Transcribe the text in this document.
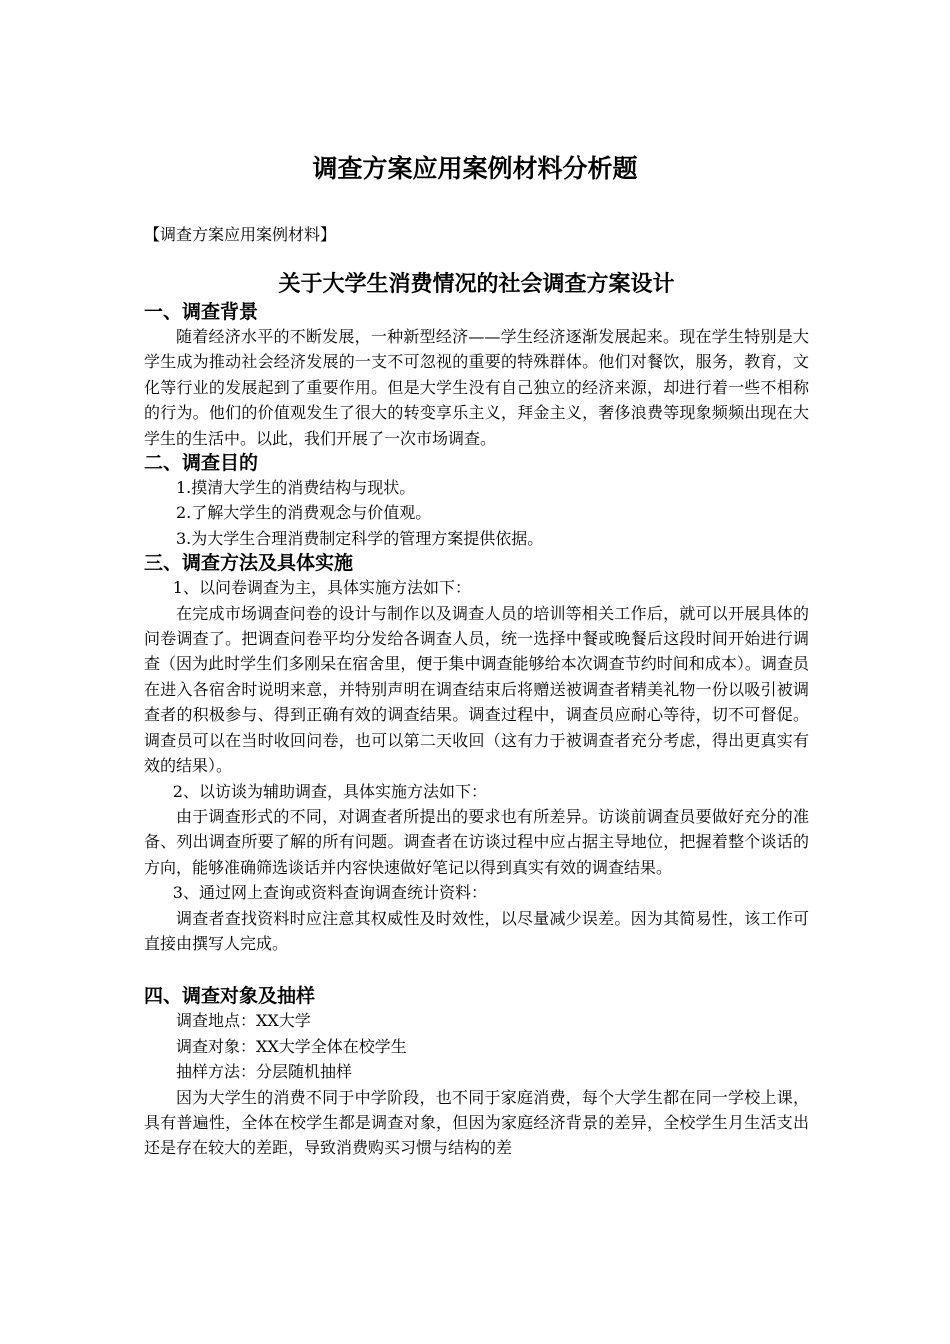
调查方案应用案例材料分析题
【调查方案应用案例材料】
关于大学生消费情况的社会调查方案设计
一、调查背景

随着经济水平的不断发展，一种新型经济——学生经济逐渐发展起来。现在学生特别是大学生成为推动社会经济发展的一支不可忽视的重要的特殊群体。他们对餐饮，服务，教育，文化等行业的发展起到了重要作用。但是大学生没有自己独立的经济来源，却进行着一些不相称的行为。他们的价值观发生了很大的转变享乐主义，拜金主义，奢侈浪费等现象频频出现在大学生的生活中。以此，我们开展了一次市场调查。

二、调查目的

1.摸清大学生的消费结构与现状。

2.了解大学生的消费观念与价值观。

3.为大学生合理消费制定科学的管理方案提供依据。

三、调查方法及具体实施

1、以问卷调查为主，具体实施方法如下：

在完成市场调查问卷的设计与制作以及调查人员的培训等相关工作后，就可以开展具体的问卷调查了。把调查问卷平均分发给各调查人员，统一选择中餐或晚餐后这段时间开始进行调查（因为此时学生们多刚呆在宿舍里，便于集中调查能够给本次调查节约时间和成本）。调查员在进入各宿舍时说明来意，并特别声明在调查结束后将赠送被调查者精美礼物一份以吸引被调查者的积极参与、得到正确有效的调查结果。调查过程中，调查员应耐心等待，切不可督促。调查员可以在当时收回问卷，也可以第二天收回（这有力于被调查者充分考虑，得出更真实有效的结果）。

2、以访谈为辅助调查，具体实施方法如下：

由于调查形式的不同，对调查者所提出的要求也有所差异。访谈前调查员要做好充分的准备、列出调查所要了解的所有问题。调查者在访谈过程中应占据主导地位，把握着整个谈话的方向，能够准确筛选谈话并内容快速做好笔记以得到真实有效的调查结果。

3、通过网上查询或资料查询调查统计资料：

调查者查找资料时应注意其权威性及时效性，以尽量减少误差。因为其简易性，该工作可直接由撰写人完成。

四、调查对象及抽样

调查地点：XX大学

调查对象：XX大学全体在校学生

抽样方法：分层随机抽样

因为大学生的消费不同于中学阶段，也不同于家庭消费，每个大学生都在同一学校上课，具有普遍性，全体在校学生都是调查对象，但因为家庭经济背景的差异，全校学生月生活支出还是存在较大的差距，导致消费购买习惯与结构的差
